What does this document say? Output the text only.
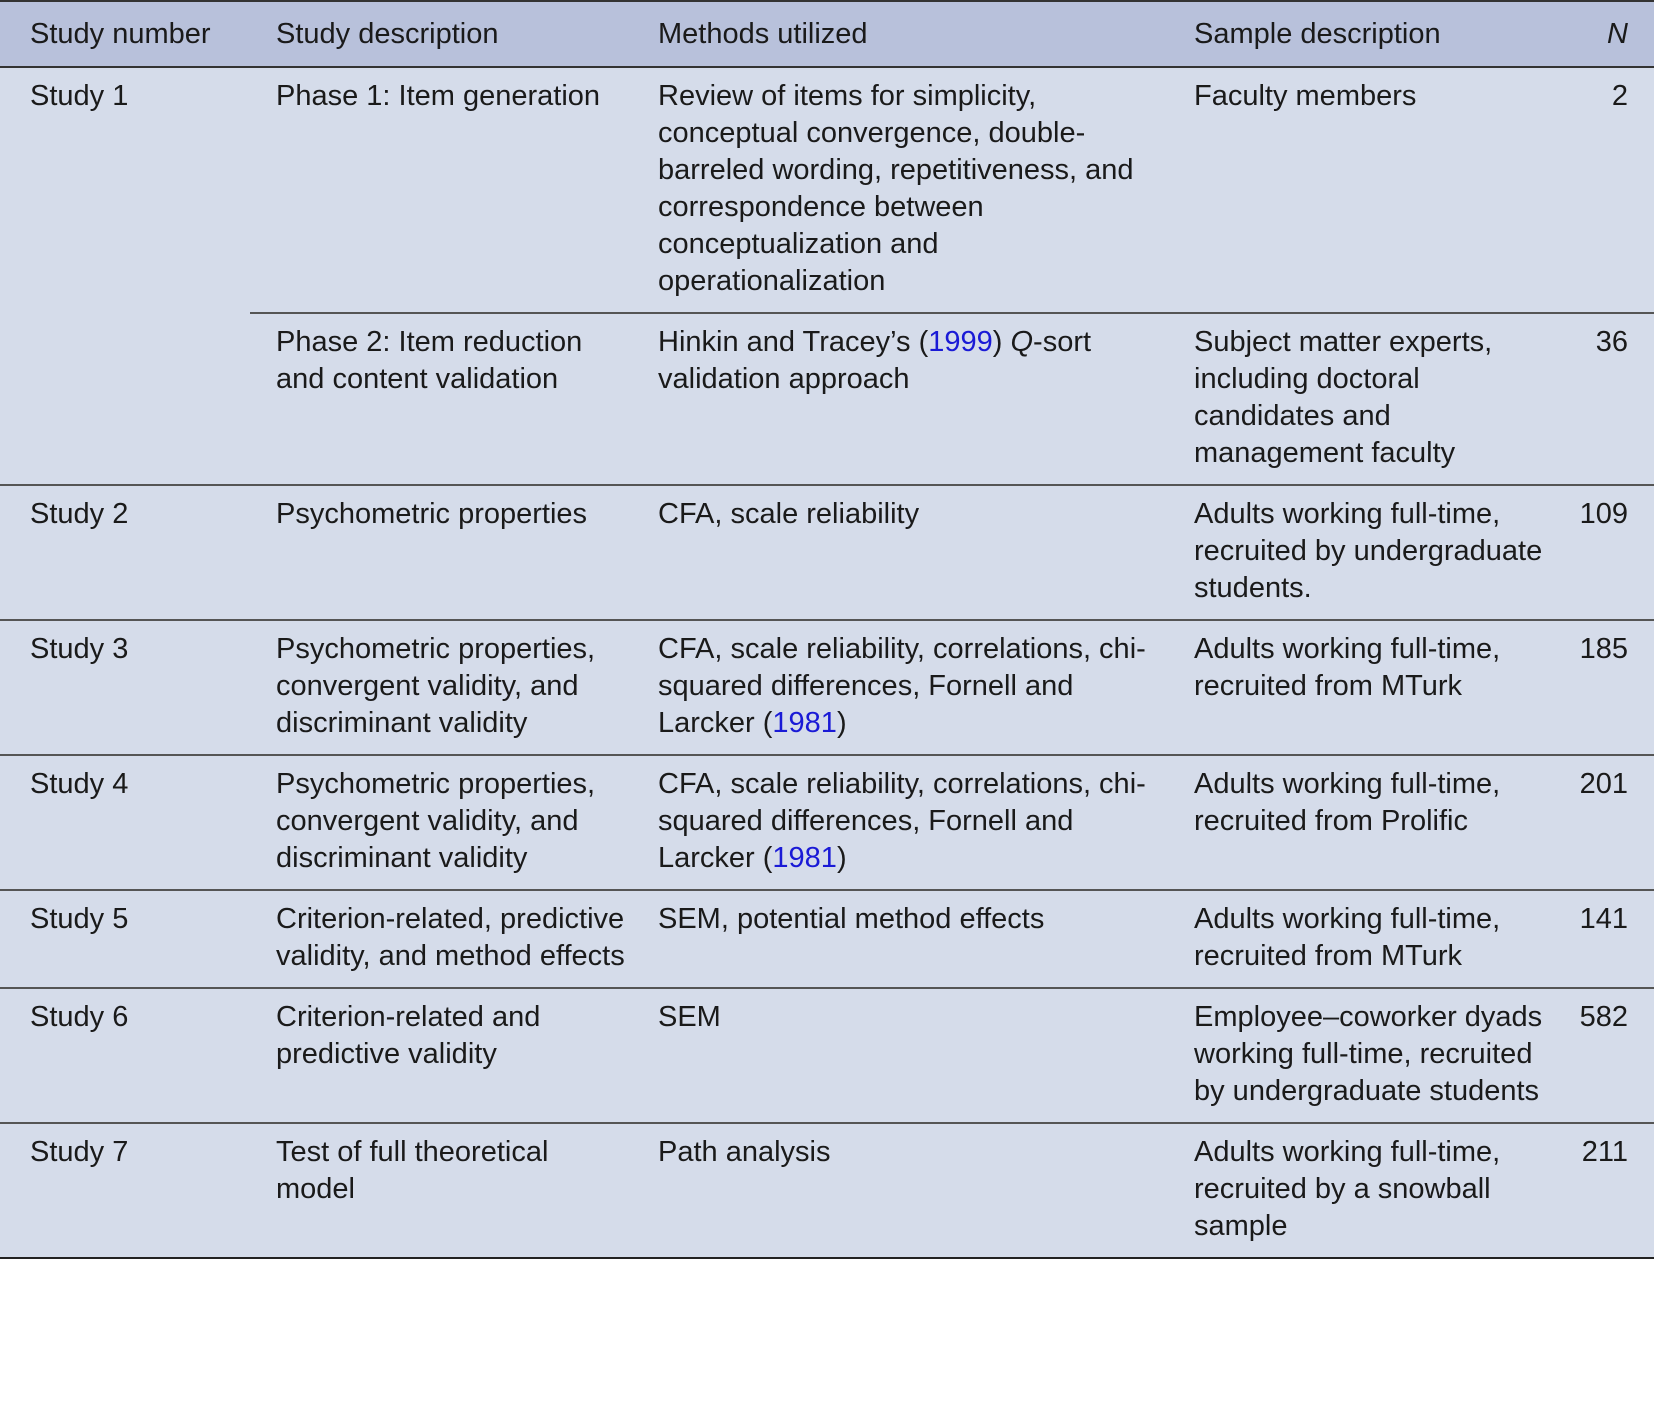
Study number	Study description	Methods utilized	Sample description	N
Study 1	Phase 1: Item generation	Review of items for simplicity, conceptual convergence, double-barreled wording, repetitiveness, and correspondence between conceptualization and operationalization	Faculty members	2
	Phase 2: Item reduction and content validation	Hinkin and Tracey’s (1999) Q-sort validation approach	Subject matter experts, including doctoral candidates and management faculty	36
Study 2	Psychometric properties	CFA, scale reliability	Adults working full-time, recruited by undergraduate students.	109
Study 3	Psychometric properties, convergent validity, and discriminant validity	CFA, scale reliability, correlations, chi-squared differences, Fornell and Larcker (1981)	Adults working full-time, recruited from MTurk	185
Study 4	Psychometric properties, convergent validity, and discriminant validity	CFA, scale reliability, correlations, chi-squared differences, Fornell and Larcker (1981)	Adults working full-time, recruited from Prolific	201
Study 5	Criterion-related, predictive validity, and method effects	SEM, potential method effects	Adults working full-time, recruited from MTurk	141
Study 6	Criterion-related and predictive validity	SEM	Employee–coworker dyads working full-time, recruited by undergraduate students	582
Study 7	Test of full theoretical model	Path analysis	Adults working full-time, recruited by a snowball sample	211
